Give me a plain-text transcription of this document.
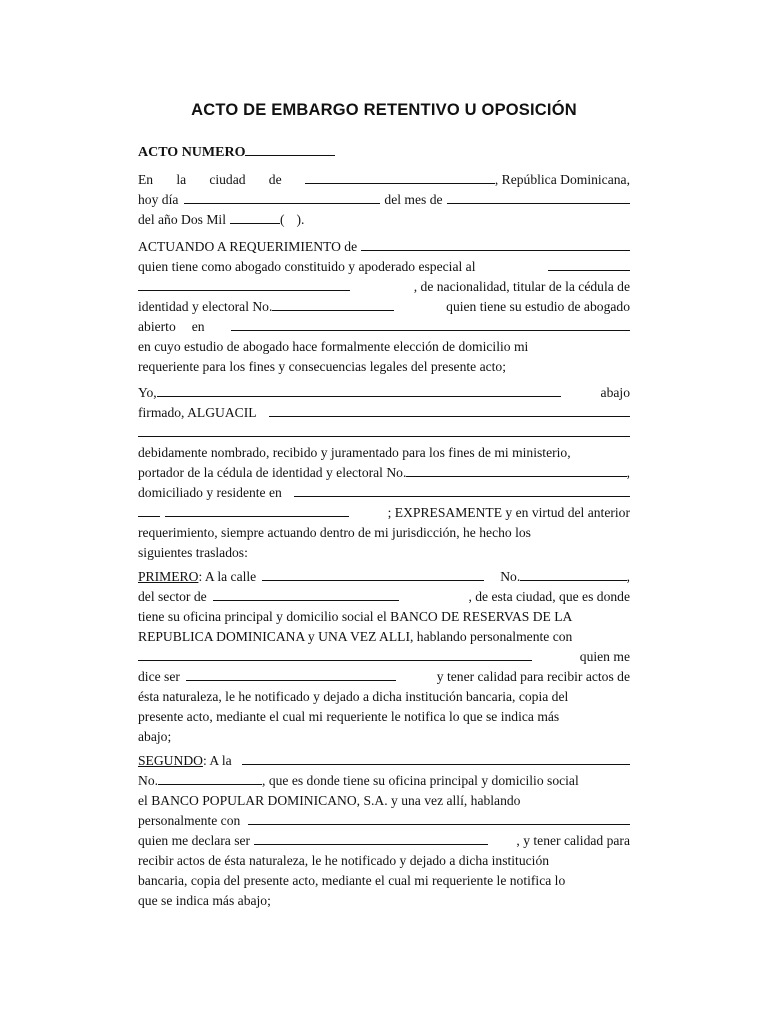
ACTO DE EMBARGO RETENTIVO U OPOSICIÓN
ACTO NUMERO
En la ciudad de	, República Dominicana,
hoy día	del mes de
del año Dos Mil	( ).
ACTUANDO A REQUERIMIENTO de
quien tiene como abogado constituido y apoderado especial al
, de nacionalidad, titular de la cédula de
identidad y electoral No.	quien tiene su estudio de abogado
abierto en
en cuyo estudio de abogado hace formalmente elección de domicilio mi
requeriente para los fines y consecuencias legales del presente acto;
Yo,	abajo
firmado, ALGUACIL
debidamente nombrado, recibido y juramentado para los fines de mi ministerio,
portador de la cédula de identidad y electoral No.	,
domiciliado y residente en
; EXPRESAMENTE y en virtud del anterior
requerimiento, siempre actuando dentro de mi jurisdicción, he hecho los
siguientes traslados:
PRIMERO : A la calle	No.	,
del sector de	, de esta ciudad, que es donde
tiene su oficina principal y domicilio social el BANCO DE RESERVAS DE LA
REPUBLICA DOMINICANA y UNA VEZ ALLI, hablando personalmente con
quien me
dice ser	y tener calidad para recibir actos de
ésta naturaleza, le he notificado y dejado a dicha institución bancaria, copia del
presente acto, mediante el cual mi requeriente le notifica lo que se indica más
abajo;
SEGUNDO : A la
No.	, que es donde tiene su oficina principal y domicilio social
el BANCO POPULAR DOMINICANO, S.A. y una vez allí, hablando
personalmente con
quien me declara ser	, y tener calidad para
recibir actos de ésta naturaleza, le he notificado y dejado a dicha institución
bancaria, copia del presente acto, mediante el cual mi requeriente le notifica lo
que se indica más abajo;
